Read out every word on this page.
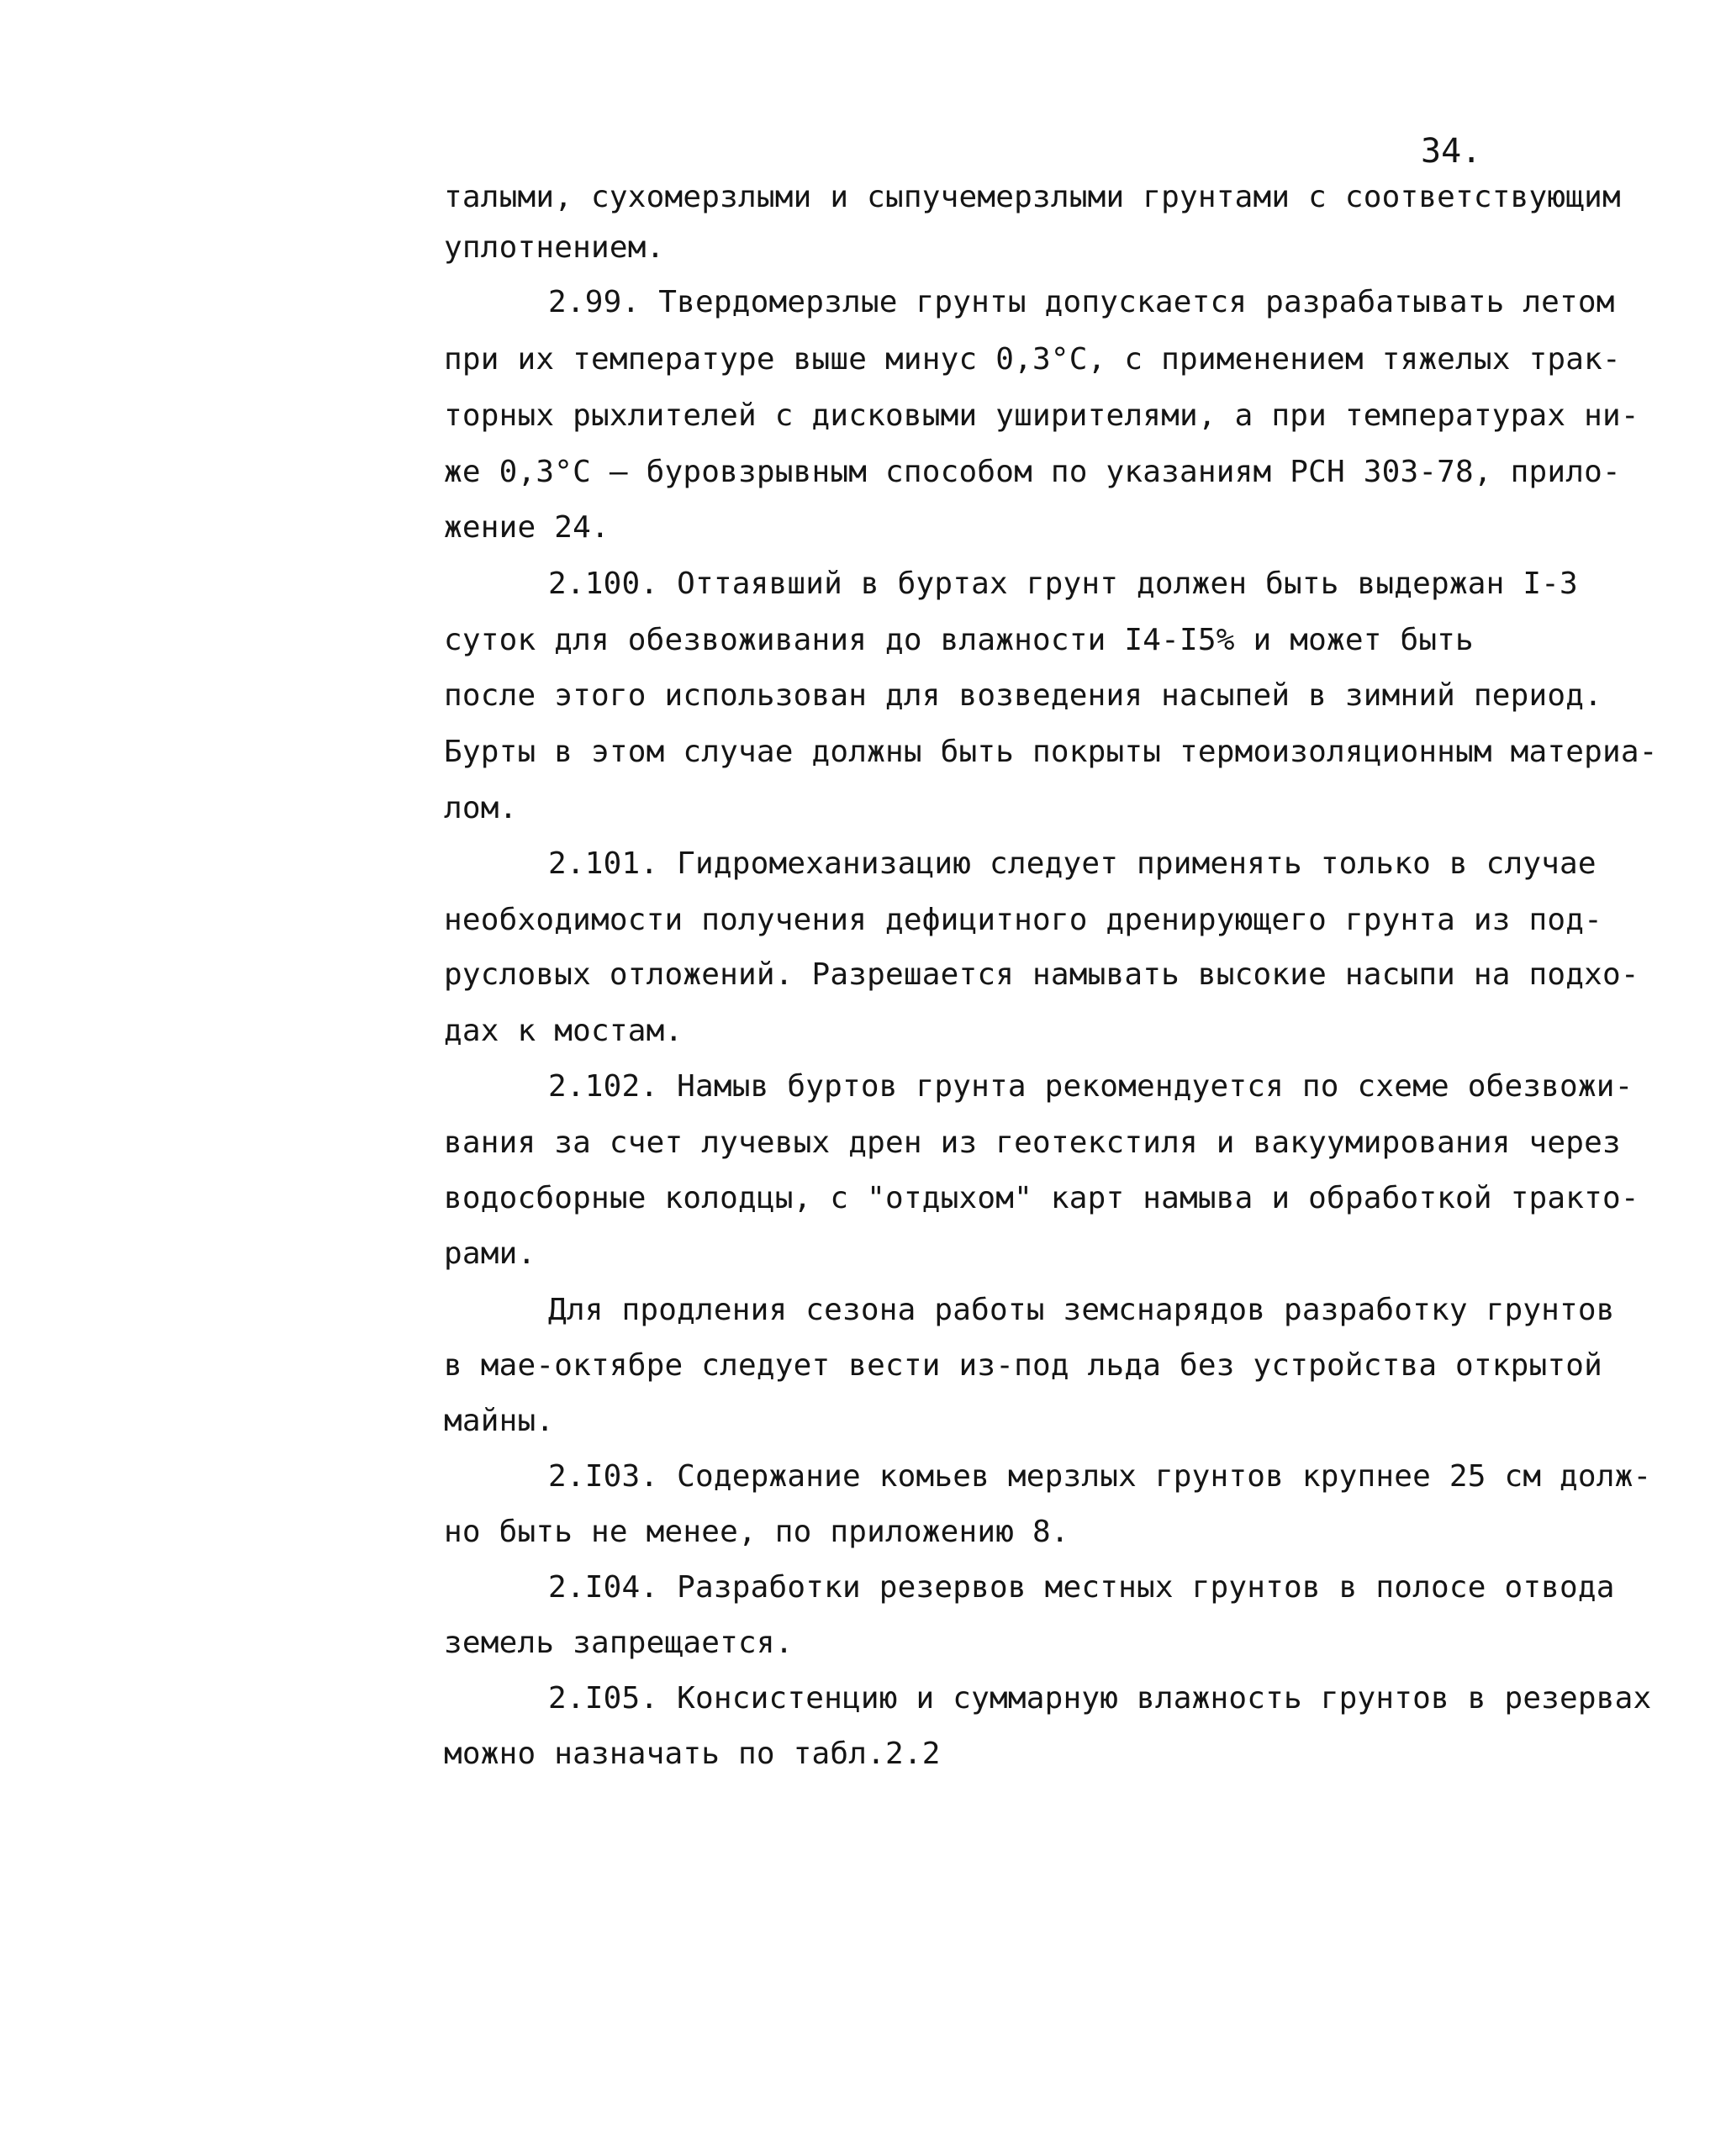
34.
талыми, сухомерзлыми и сыпучемерзлыми грунтами с соответствующим
уплотнением.
2.99. Твердомерзлые грунты допускается разрабатывать летом
при их температуре выше минус 0,3°С, с применением тяжелых трак-
торных рыхлителей с дисковыми уширителями, а при температурах ни-
же 0,3°С – буровзрывным способом по указаниям РСН 303-78, прило-
жение 24.
2.100. Оттаявший в буртах грунт должен быть выдержан I-3
суток для обезвоживания до влажности I4-I5% и может быть
после этого использован для возведения насыпей в зимний период.
Бурты в этом случае должны быть покрыты термоизоляционным материа-
лом.
2.101. Гидромеханизацию следует применять только в случае
необходимости получения дефицитного дренирующего грунта из под-
русловых отложений. Разрешается намывать высокие насыпи на подхо-
дах к мостам.
2.102. Намыв буртов грунта рекомендуется по схеме обезвожи-
вания за счет лучевых дрен из геотекстиля и вакуумирования через
водосборные колодцы, с "отдыхом" карт намыва и обработкой тракто-
рами.
Для продления сезона работы земснарядов разработку грунтов
в мае-октябре следует вести из-под льда без устройства открытой
майны.
2.I03. Содержание комьев мерзлых грунтов крупнее 25 см долж-
но быть не менее, по приложению 8.
2.I04. Разработки резервов местных грунтов в полосе отвода
земель запрещается.
2.I05. Консистенцию и суммарную влажность грунтов в резервах
можно назначать по табл.2.2
